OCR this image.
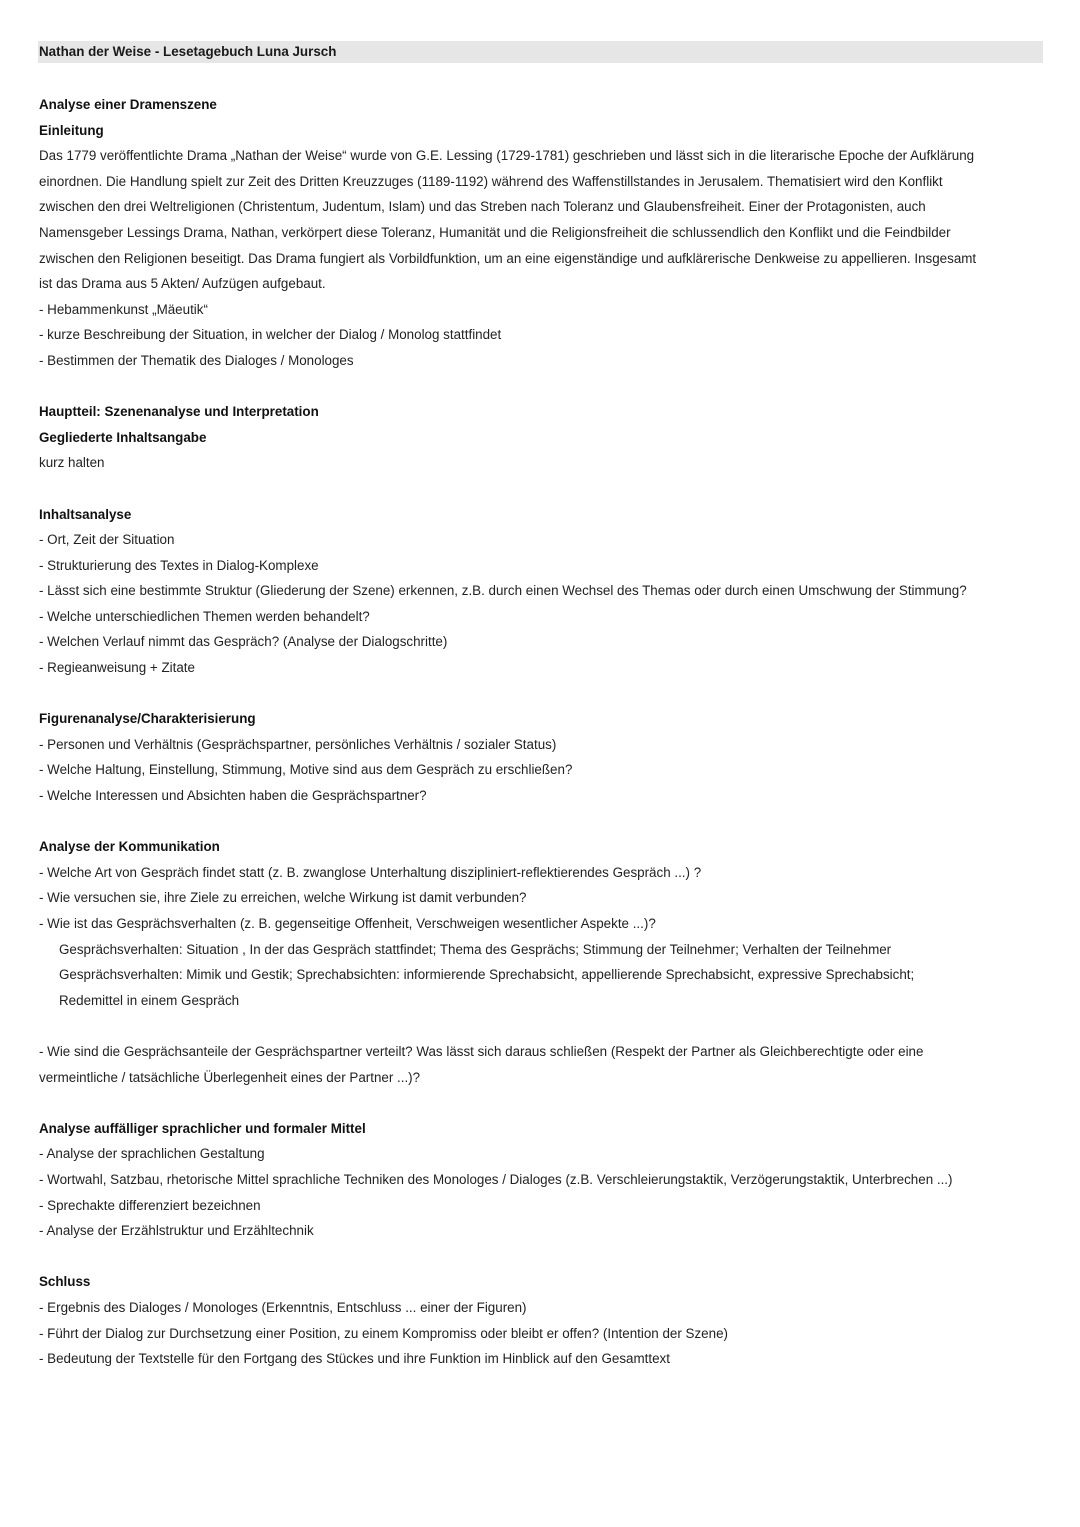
Nathan der Weise - Lesetagebuch Luna Jursch
Analyse einer Dramenszene
Einleitung
Das 1779 veröffentlichte Drama „Nathan der Weise“ wurde von G.E. Lessing (1729-1781) geschrieben und lässt sich in die literarische Epoche der Aufklärung
einordnen. Die Handlung spielt zur Zeit des Dritten Kreuzzuges (1189-1192) während des Waffenstillstandes in Jerusalem. Thematisiert wird den Konflikt
zwischen den drei Weltreligionen (Christentum, Judentum, Islam) und das Streben nach Toleranz und Glaubensfreiheit. Einer der Protagonisten, auch
Namensgeber Lessings Drama, Nathan, verkörpert diese Toleranz, Humanität und die Religionsfreiheit die schlussendlich den Konflikt und die Feindbilder
zwischen den Religionen beseitigt. Das Drama fungiert als Vorbildfunktion, um an eine eigenständige und aufklärerische Denkweise zu appellieren. Insgesamt
ist das Drama aus 5 Akten/ Aufzügen aufgebaut.
- Hebammenkunst „Mäeutik“
- kurze Beschreibung der Situation, in welcher der Dialog / Monolog stattfindet
- Bestimmen der Thematik des Dialoges / Monologes
Hauptteil: Szenenanalyse und Interpretation
Gegliederte Inhaltsangabe
kurz halten
Inhaltsanalyse
- Ort, Zeit der Situation
- Strukturierung des Textes in Dialog-Komplexe
- Lässt sich eine bestimmte Struktur (Gliederung der Szene) erkennen, z.B. durch einen Wechsel des Themas oder durch einen Umschwung der Stimmung?
- Welche unterschiedlichen Themen werden behandelt?
- Welchen Verlauf nimmt das Gespräch? (Analyse der Dialogschritte)
- Regieanweisung + Zitate
Figurenanalyse/Charakterisierung
- Personen und Verhältnis (Gesprächspartner, persönliches Verhältnis / sozialer Status)
- Welche Haltung, Einstellung, Stimmung, Motive sind aus dem Gespräch zu erschließen?
- Welche Interessen und Absichten haben die Gesprächspartner?
Analyse der Kommunikation
- Welche Art von Gespräch findet statt (z. B. zwanglose Unterhaltung diszipliniert-reflektierendes Gespräch ...) ?
- Wie versuchen sie, ihre Ziele zu erreichen, welche Wirkung ist damit verbunden?
- Wie ist das Gesprächsverhalten (z. B. gegenseitige Offenheit, Verschweigen wesentlicher Aspekte ...)?
Gesprächsverhalten: Situation , In der das Gespräch stattfindet; Thema des Gesprächs; Stimmung der Teilnehmer; Verhalten der Teilnehmer
Gesprächsverhalten: Mimik und Gestik; Sprechabsichten: informierende Sprechabsicht, appellierende Sprechabsicht, expressive Sprechabsicht;
Redemittel in einem Gespräch
- Wie sind die Gesprächsanteile der Gesprächspartner verteilt? Was lässt sich daraus schließen (Respekt der Partner als Gleichberechtigte oder eine
vermeintliche / tatsächliche Überlegenheit eines der Partner ...)?
Analyse auffälliger sprachlicher und formaler Mittel
- Analyse der sprachlichen Gestaltung
- Wortwahl, Satzbau, rhetorische Mittel sprachliche Techniken des Monologes / Dialoges (z.B. Verschleierungstaktik, Verzögerungstaktik, Unterbrechen ...)
- Sprechakte differenziert bezeichnen
- Analyse der Erzählstruktur und Erzähltechnik
Schluss
- Ergebnis des Dialoges / Monologes (Erkenntnis, Entschluss ... einer der Figuren)
- Führt der Dialog zur Durchsetzung einer Position, zu einem Kompromiss oder bleibt er offen? (Intention der Szene)
- Bedeutung der Textstelle für den Fortgang des Stückes und ihre Funktion im Hinblick auf den Gesamttext
